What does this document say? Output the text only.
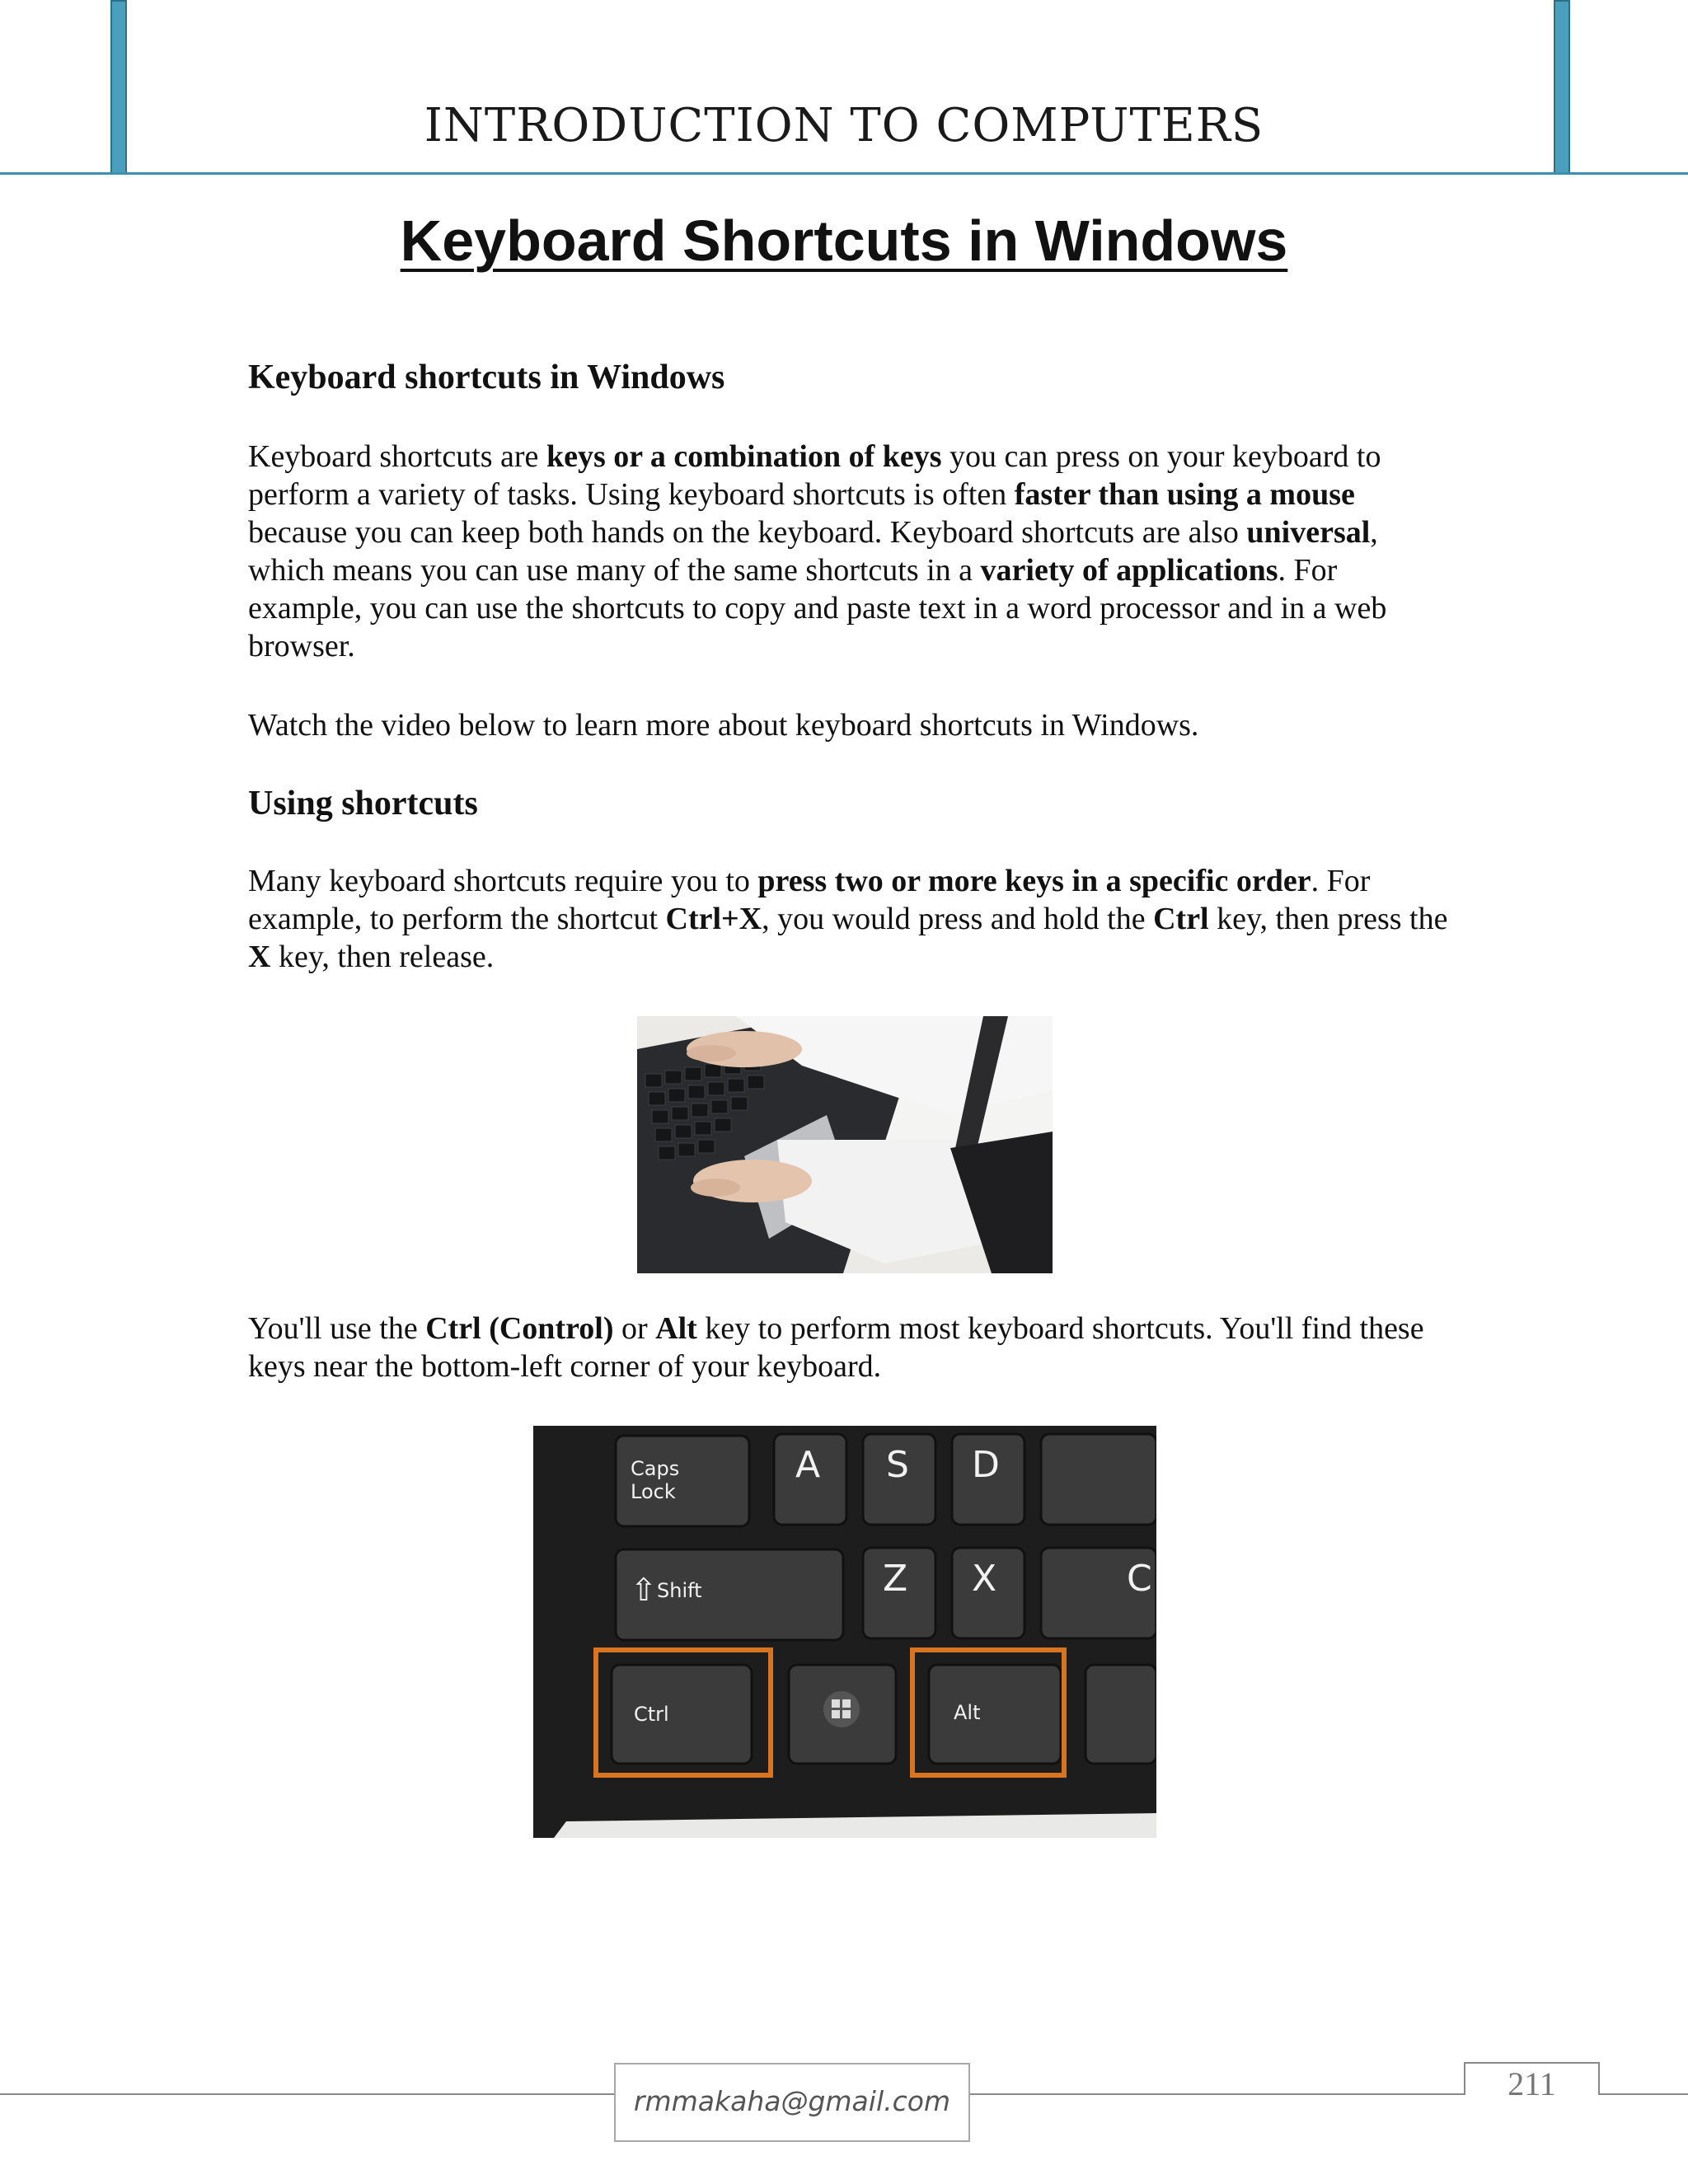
INTRODUCTION TO COMPUTERS
Keyboard Shortcuts in Windows
Keyboard shortcuts in Windows

Keyboard shortcuts are keys or a combination of keys you can press on your keyboard to perform a variety of tasks. Using keyboard shortcuts is often faster than using a mouse because you can keep both hands on the keyboard. Keyboard shortcuts are also universal, which means you can use many of the same shortcuts in a variety of applications. For example, you can use the shortcuts to copy and paste text in a word processor and in a web browser.

Watch the video below to learn more about keyboard shortcuts in Windows.

Using shortcuts

Many keyboard shortcuts require you to press two or more keys in a specific order. For example, to perform the shortcut Ctrl+X, you would press and hold the Ctrl key, then press the X key, then release.

You'll use the Ctrl (Control) or Alt key to perform most keyboard shortcuts. You'll find these keys near the bottom-left corner of your keyboard.

Caps
Lock
A S D
⇧ Shift	Z X	C
Ctrl	Alt
rmmakaha@gmail.com	211
